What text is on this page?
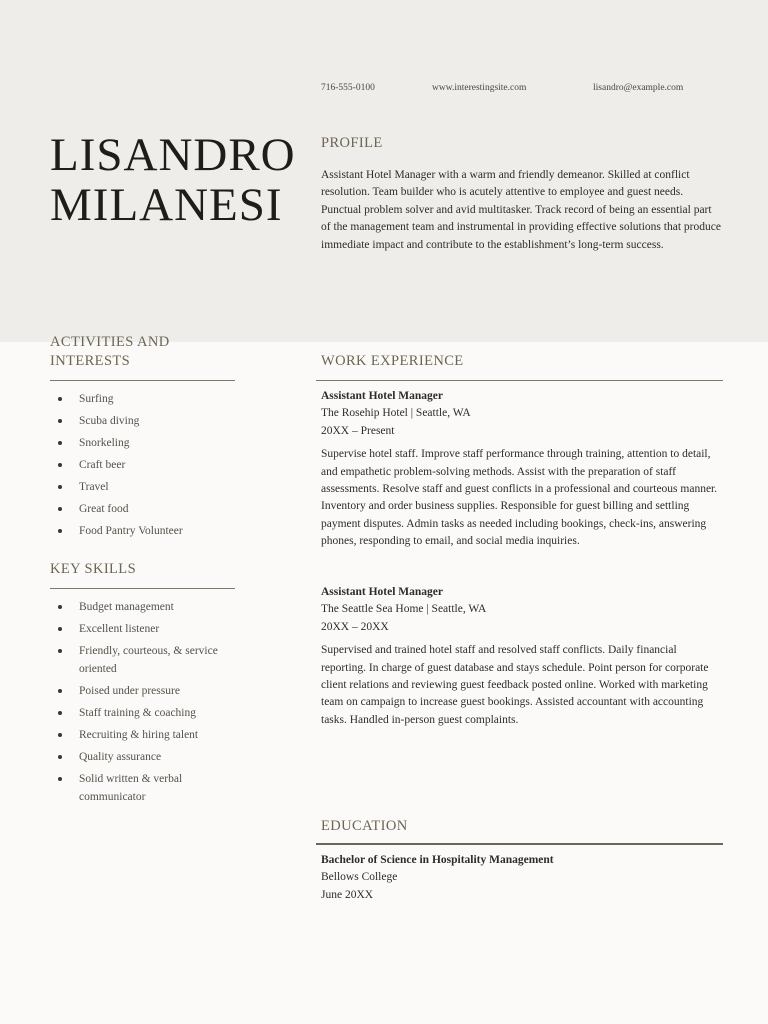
716-555-0100	www.interestingsite.com	lisandro@example.com
LISANDRO
MILANESI
PROFILE
Assistant Hotel Manager with a warm and friendly demeanor. Skilled at conflict resolution. Team builder who is acutely attentive to employee and guest needs. Punctual problem solver and avid multitasker. Track record of being an essential part of the management team and instrumental in providing effective solutions that produce immediate impact and contribute to the establishment’s long-term success.
ACTIVITIES AND
INTERESTS
Surfing
Scuba diving
Snorkeling
Craft beer
Travel
Great food
Food Pantry Volunteer
KEY SKILLS
Budget management
Excellent listener
Friendly, courteous, & service oriented
Poised under pressure
Staff training & coaching
Recruiting & hiring talent
Quality assurance
Solid written & verbal communicator
WORK EXPERIENCE
Assistant Hotel Manager
The Rosehip Hotel | Seattle, WA
20XX – Present
Supervise hotel staff. Improve staff performance through training, attention to detail, and empathetic problem-solving methods. Assist with the preparation of staff assessments. Resolve staff and guest conflicts in a professional and courteous manner. Inventory and order business supplies. Responsible for guest billing and settling payment disputes. Admin tasks as needed including bookings, check-ins, answering phones, responding to email, and social media inquiries.
Assistant Hotel Manager
The Seattle Sea Home | Seattle, WA
20XX – 20XX
Supervised and trained hotel staff and resolved staff conflicts. Daily financial reporting. In charge of guest database and stays schedule. Point person for corporate client relations and reviewing guest feedback posted online. Worked with marketing team on campaign to increase guest bookings. Assisted accountant with accounting tasks. Handled in-person guest complaints.
EDUCATION
Bachelor of Science in Hospitality Management
Bellows College
June 20XX
